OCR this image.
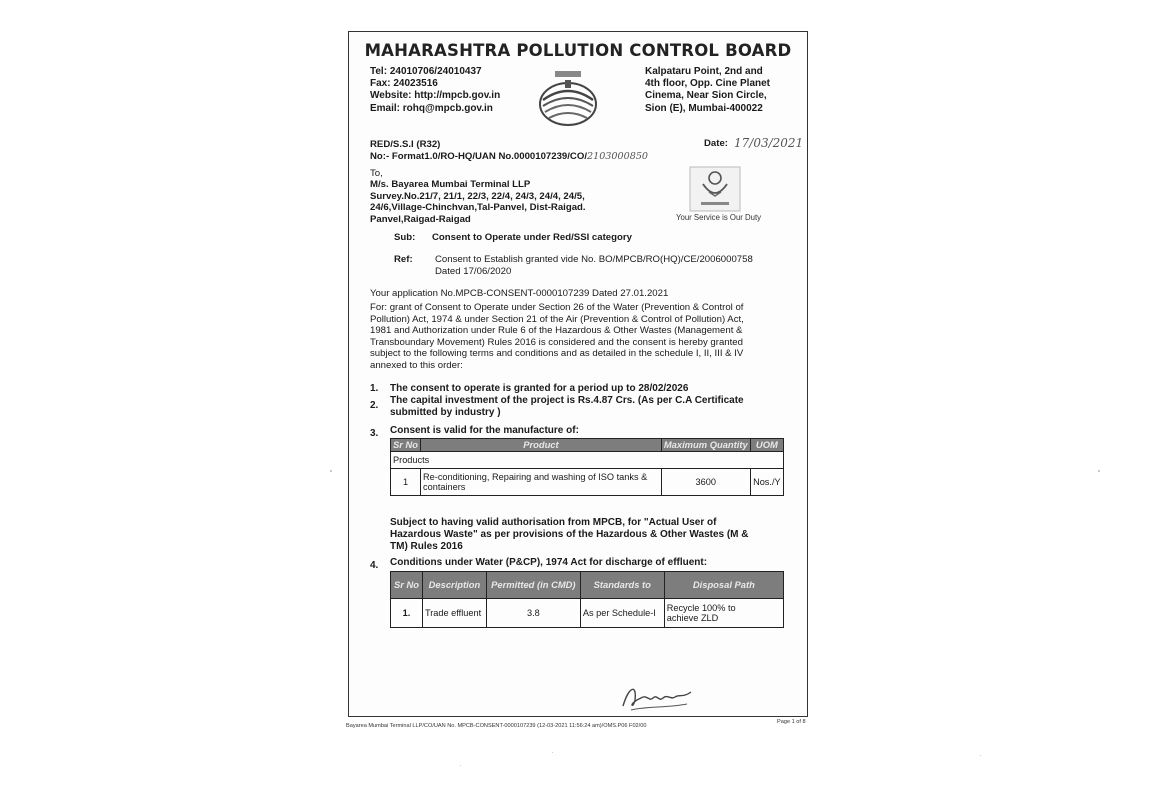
MAHARASHTRA POLLUTION CONTROL BOARD
Tel: 24010706/24010437
Fax: 24023516
Website: http://mpcb.gov.in
Email: rohq@mpcb.gov.in
Kalpataru Point, 2nd and
4th floor, Opp. Cine Planet
Cinema, Near Sion Circle,
Sion (E), Mumbai-400022
RED/S.S.I (R32)
No:- Format1.0/RO-HQ/UAN No.0000107239/CO/2103000850
Date: 17/03/2021
To,
M/s. Bayarea Mumbai Terminal LLP
Survey.No.21/7, 21/1, 22/3, 22/4, 24/3, 24/4, 24/5,
24/6,Village-Chinchvan,Tal-Panvel, Dist-Raigad.
Panvel,Raigad-Raigad	Your Service is Our Duty
Sub: Consent to Operate under Red/SSI category
Ref: Consent to Establish granted vide No. BO/MPCB/RO(HQ)/CE/2006000758
Dated 17/06/2020
Your application No.MPCB-CONSENT-0000107239 Dated 27.01.2021
For: grant of Consent to Operate under Section 26 of the Water (Prevention & Control of
Pollution) Act, 1974 & under Section 21 of the Air (Prevention & Control of Pollution) Act,
1981 and Authorization under Rule 6 of the Hazardous & Other Wastes (Management &
Transboundary Movement) Rules 2016 is considered and the consent is hereby granted
subject to the following terms and conditions and as detailed in the schedule I, II, III & IV
annexed to this order:
1. The consent to operate is granted for a period up to 28/02/2026
2. The capital investment of the project is Rs.4.87 Crs. (As per C.A Certificate
submitted by industry )
3. Consent is valid for the manufacture of:
Sr No	Product	Maximum Quantity	UOM
Products			
1	Re-conditioning, Repairing and washing of ISO tanks &
containers	3600	Nos./Y
Subject to having valid authorisation from MPCB, for "Actual User of
Hazardous Waste" as per provisions of the Hazardous & Other Wastes (M &
TM) Rules 2016
4. Conditions under Water (P&CP), 1974 Act for discharge of effluent:
Sr No	Description	Permitted (in CMD)	Standards to	Disposal Path
1.	Trade effluent	3.8	As per Schedule-I	Recycle 100% to
achieve ZLD
Bayarea Mumbai Terminal LLP/CO/UAN No. MPCB-CONSENT-0000107239 (12-03-2021 11:56:24 am)/OMS.P06 F02/00
Page 1 of 8
